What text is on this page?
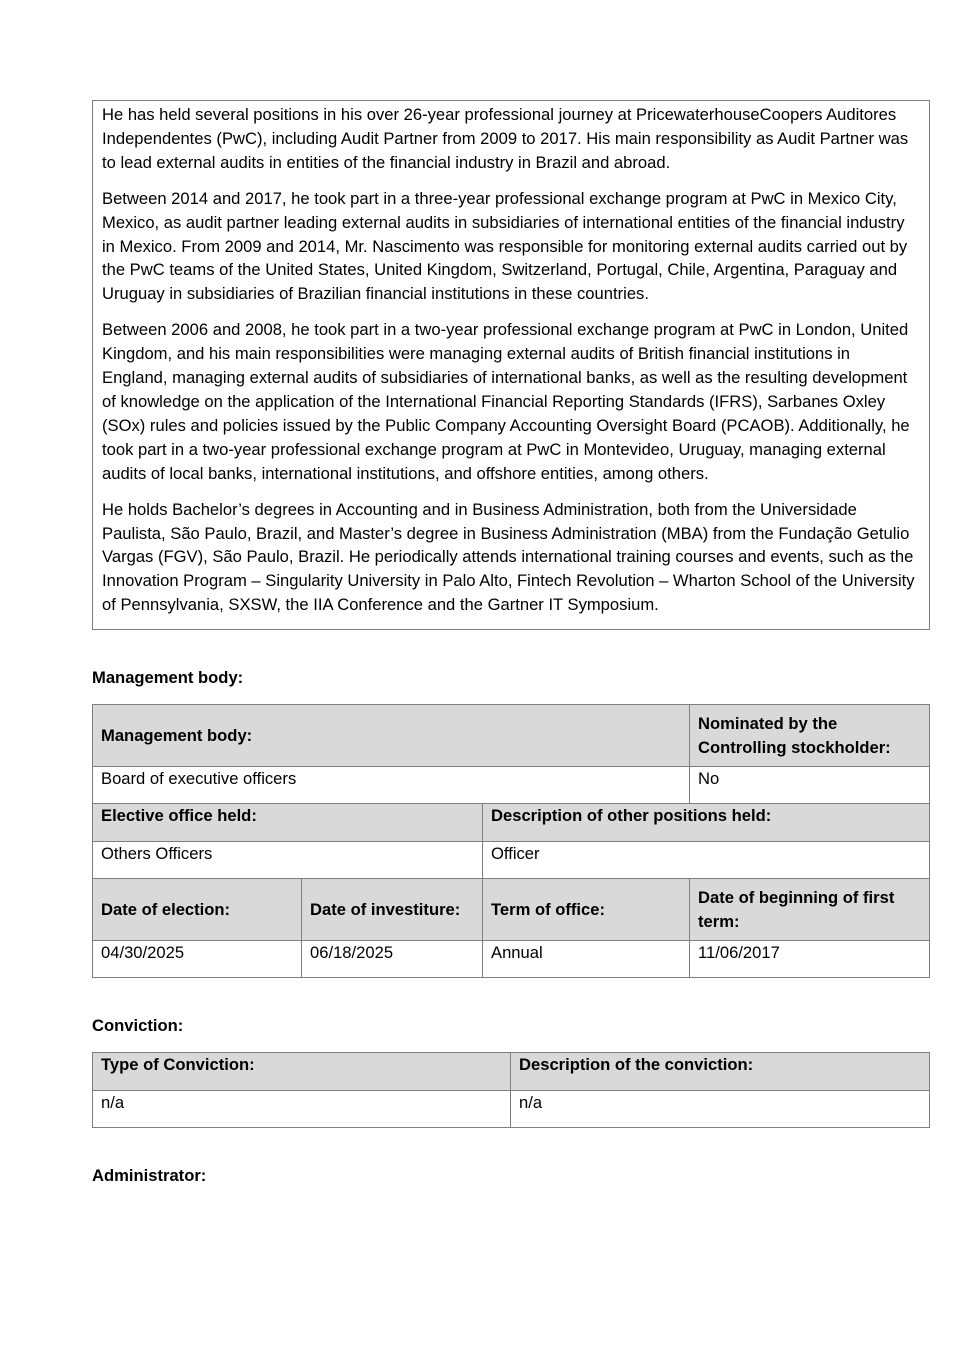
He has held several positions in his over 26-year professional journey at PricewaterhouseCoopers Auditores Independentes (PwC), including Audit Partner from 2009 to 2017. His main responsibility as Audit Partner was to lead external audits in entities of the financial industry in Brazil and abroad.

Between 2014 and 2017, he took part in a three-year professional exchange program at PwC in Mexico City, Mexico, as audit partner leading external audits in subsidiaries of international entities of the financial industry in Mexico. From 2009 and 2014, Mr. Nascimento was responsible for monitoring external audits carried out by the PwC teams of the United States, United Kingdom, Switzerland, Portugal, Chile, Argentina, Paraguay and Uruguay in subsidiaries of Brazilian financial institutions in these countries.

Between 2006 and 2008, he took part in a two-year professional exchange program at PwC in London, United Kingdom, and his main responsibilities were managing external audits of British financial institutions in England, managing external audits of subsidiaries of international banks, as well as the resulting development of knowledge on the application of the International Financial Reporting Standards (IFRS), Sarbanes Oxley (SOx) rules and policies issued by the Public Company Accounting Oversight Board (PCAOB). Additionally, he took part in a two-year professional exchange program at PwC in Montevideo, Uruguay, managing external audits of local banks, international institutions, and offshore entities, among others.

He holds Bachelor’s degrees in Accounting and in Business Administration, both from the Universidade Paulista, São Paulo, Brazil, and Master’s degree in Business Administration (MBA) from the Fundação Getulio Vargas (FGV), São Paulo, Brazil. He periodically attends international training courses and events, such as the Innovation Program – Singularity University in Palo Alto, Fintech Revolution – Wharton School of the University of Pennsylvania, SXSW, the IIA Conference and the Gartner IT Symposium.

Management body:
Management body:			Nominated by the Controlling stockholder:
Board of executive officers			No
Elective office held:		Description of other positions held:	
Others Officers		Officer	
Date of election:	Date of investiture:	Term of office:	Date of beginning of first term:
04/30/2025	06/18/2025	Annual	11/06/2017
Conviction:
Type of Conviction:	Description of the conviction:
n/a	n/a
Administrator:
